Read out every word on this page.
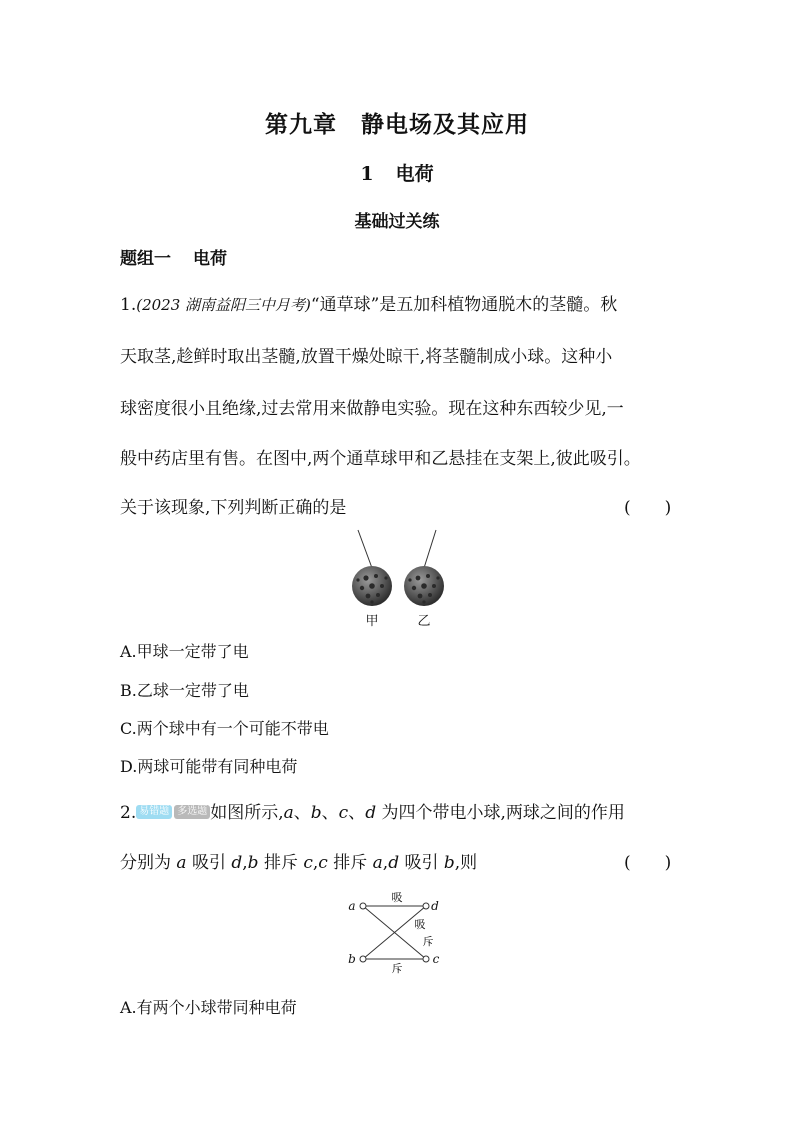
第九章　静电场及其应用
1 电荷
基础过关练
题组一 电荷
1.(2023 湖南益阳三中月考)“通草球”是五加科植物通脱木的茎髓。秋
天取茎,趁鲜时取出茎髓,放置干燥处晾干,将茎髓制成小球。这种小
球密度很小且绝缘,过去常用来做静电实验。现在这种东西较少见,一
般中药店里有售。在图中,两个通草球甲和乙悬挂在支架上,彼此吸引。
关于该现象,下列判断正确的是	(　　)
甲	乙
A.甲球一定带了电
B.乙球一定带了电
C.两个球中有一个可能不带电
D.两球可能带有同种电荷
2. 易错题 多选题 如图所示,a、b、c、d 为四个带电小球,两球之间的作用
分别为 a 吸引 d,b 排斥 c,c 排斥 a,d 吸引 b,则	(　　)
a	d
b	c
吸
吸
斥
斥
A.有两个小球带同种电荷
